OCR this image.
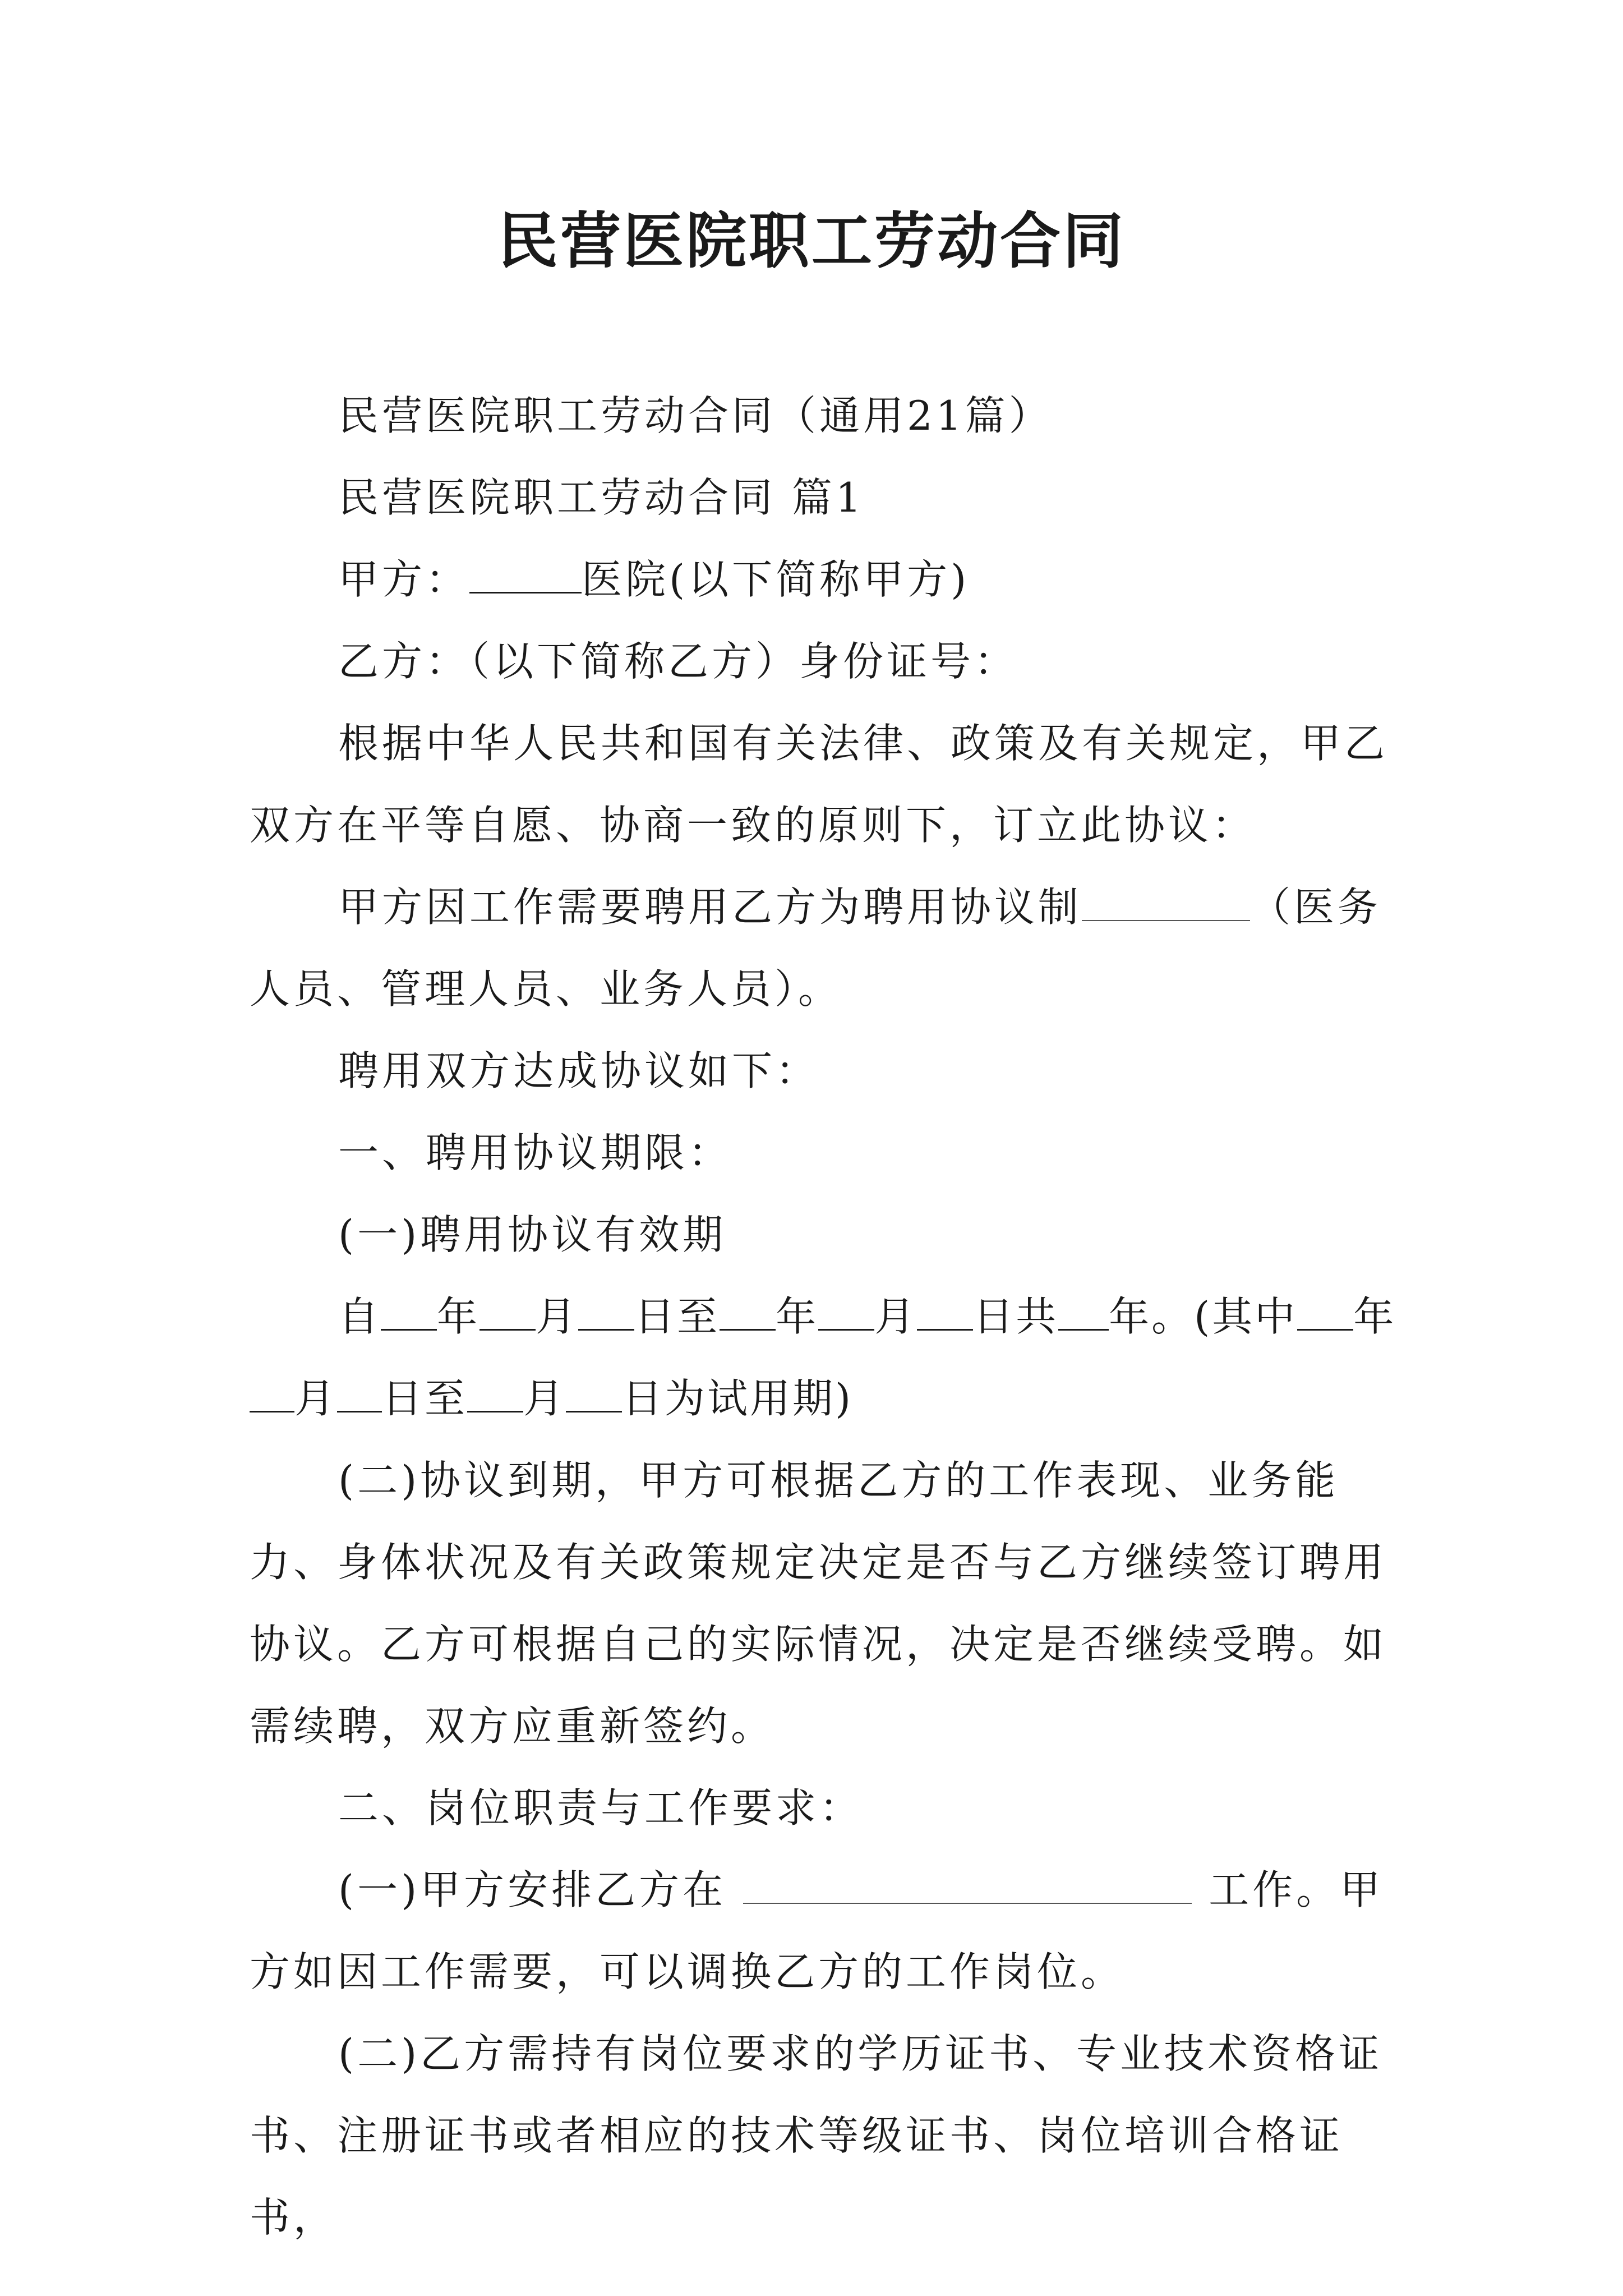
民营医院职工劳动合同

民营医院职工劳动合同（通用21篇）

民营医院职工劳动合同 篇1

甲方：	医院(以下简称甲方)

乙方：（以下简称乙方）身份证号：

根据中华人民共和国有关法律、政策及有关规定，甲乙双方在平等自愿、协商一致的原则下，订立此协议：

甲方因工作需要聘用乙方为聘用协议制	（医务人员、管理人员、业务人员）。

聘用双方达成协议如下：

一、聘用协议期限：

(一)聘用协议有效期

自 年 月 日至 年 月 日共 年。(其中 年月 日至 月 日为试用期)

(二)协议到期，甲方可根据乙方的工作表现、业务能力、身体状况及有关政策规定决定是否与乙方继续签订聘用协议。乙方可根据自己的实际情况，决定是否继续受聘。如需续聘，双方应重新签约。

二、岗位职责与工作要求：

(一)甲方安排乙方在	工作。甲方如因工作需要，可以调换乙方的工作岗位。

(二)乙方需持有岗位要求的学历证书、专业技术资格证书、注册证书或者相应的技术等级证书、岗位培训合格证书，
